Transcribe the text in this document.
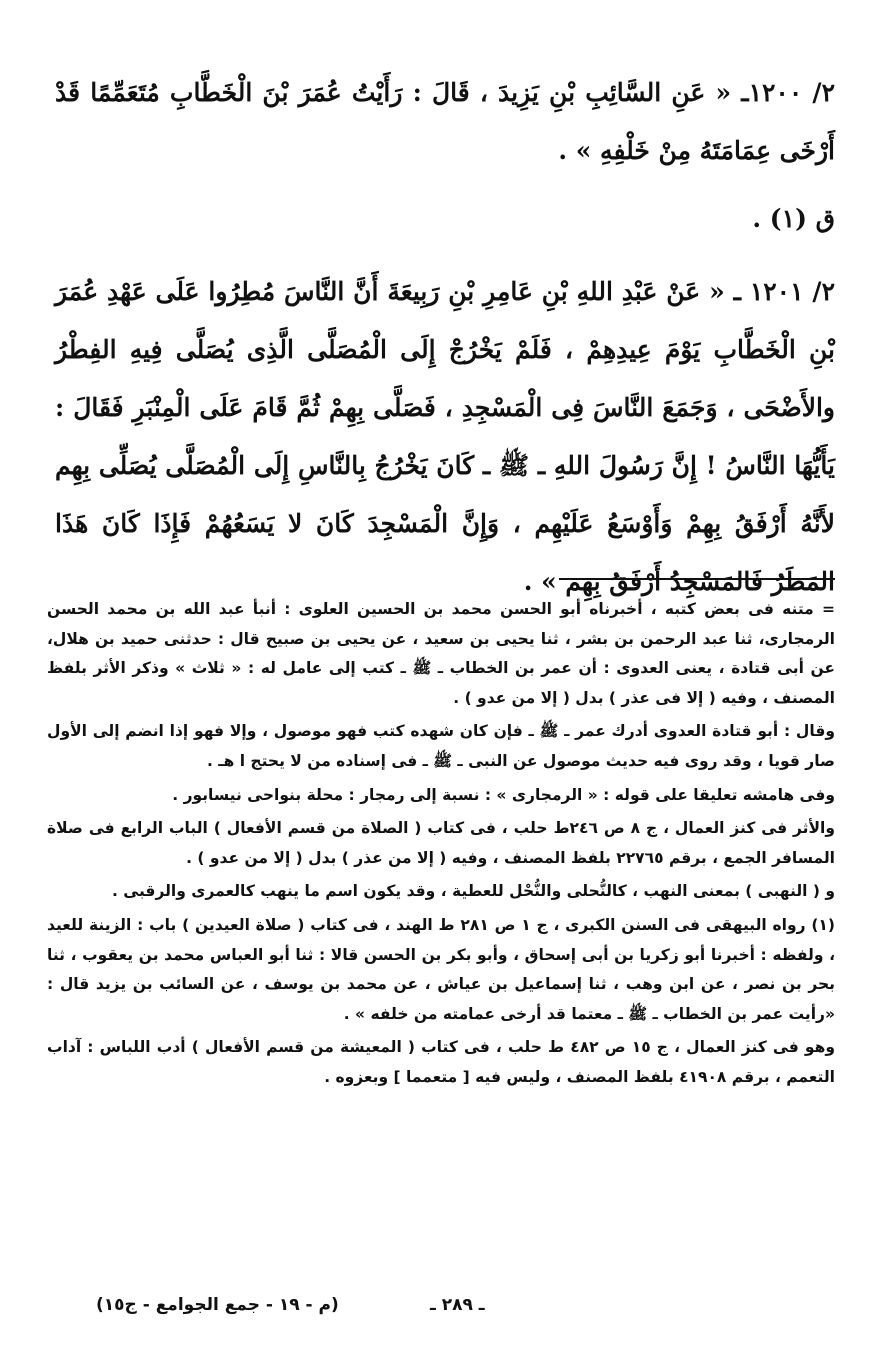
٢/ ١٢٠٠ـ « عَنِ السَّائِبِ بْنِ يَزِيدَ ، قَالَ : رَأَيْتُ عُمَرَ بْنَ الْخَطَّابِ مُتَعَمِّمًا قَدْ أَرْخَى عِمَامَتَهُ مِنْ خَلْفِهِ » .

ق (١) .

٢/ ١٢٠١ ـ « عَنْ عَبْدِ اللهِ بْنِ عَامِرِ بْنِ رَبِيعَةَ أَنَّ النَّاسَ مُطِرُوا عَلَى عَهْدِ عُمَرَ بْنِ الْخَطَّابِ يَوْمَ عِيدِهِمْ ، فَلَمْ يَخْرُجْ إِلَى الْمُصَلَّى الَّذِى يُصَلَّى فِيهِ الفِطْرُ والأَضْحَى ، وَجَمَعَ النَّاسَ فِى الْمَسْجِدِ ، فَصَلَّى بِهِمْ ثُمَّ قَامَ عَلَى الْمِنْبَرِ فَقَالَ : يَأَيُّهَا النَّاسُ ! إِنَّ رَسُولَ اللهِ ـ ﷺ ـ كَانَ يَخْرُجُ بِالنَّاسِ إِلَى الْمُصَلَّى يُصَلِّى بِهِم لأَنَّهُ أَرْفَقُ بِهِمْ وَأَوْسَعُ عَلَيْهِم ، وَإِنَّ الْمَسْجِدَ كَانَ لا يَسَعُهُمْ فَإِذَا كَانَ هَذَا المَطَرُ فَالمَسْجِدُ أَرْفَقُ بِهِم » .

= متنه فى بعض كتبه ، أخبرناه أبو الحسن محمد بن الحسين العلوى : أنبأ عبد الله بن محمد الحسن الرمجارى، ثنا عبد الرحمن بن بشر ، ثنا يحيى بن سعيد ، عن يحيى بن صبيح قال : حدثنى حميد بن هلال، عن أبى قتادة ، يعنى العدوى : أن عمر بن الخطاب ـ ﷺ ـ كتب إلى عامل له : « ثلاث » وذكر الأثر بلفظ المصنف ، وفيه ( إلا فى عذر ) بدل ( إلا من عدو ) .

وقال : أبو قتادة العدوى أدرك عمر ـ ﷺ ـ فإن كان شهده كتب فهو موصول ، وإلا فهو إذا انضم إلى الأول صار قويا ، وقد روى فيه حديث موصول عن النبى ـ ﷺ ـ فى إسناده من لا يحتج ا هـ .

وفى هامشه تعليقا على قوله : « الرمجارى » : نسبة إلى رمجار : محلة بنواحى نيسابور .

والأثر فى كنز العمال ، ج ٨ ص ٢٤٦ط حلب ، فى كتاب ( الصلاة من قسم الأفعال ) الباب الرابع فى صلاة المسافر الجمع ، برقم ٢٢٧٦٥ بلفظ المصنف ، وفيه ( إلا من عذر ) بدل ( إلا من عدو ) .

و ( النهبى ) بمعنى النهب ، كالنُّحلى والنُّحْل للعطية ، وقد يكون اسم ما ينهب كالعمرى والرقبى .

(١) رواه البيهقى فى السنن الكبرى ، ج ١ ص ٢٨١ ط الهند ، فى كتاب ( صلاة العيدين ) باب : الزينة للعيد ، ولفظه : أخبرنا أبو زكريا بن أبى إسحاق ، وأبو بكر بن الحسن قالا : ثنا أبو العباس محمد بن يعقوب ، ثنا بحر بن نصر ، عن ابن وهب ، ثنا إسماعيل بن عياش ، عن محمد بن يوسف ، عن السائب بن يزيد قال : «رأيت عمر بن الخطاب ـ ﷺ ـ معتما قد أرخى عمامته من خلفه » .

وهو فى كنز العمال ، ج ١٥ ص ٤٨٢ ط حلب ، فى كتاب ( المعيشة من قسم الأفعال ) أدب اللباس : آداب التعمم ، برقم ٤١٩٠٨ بلفظ المصنف ، وليس فيه [ متعمما ] وبعزوه .

ـ ٢٨٩ ـ
(م - ١٩ - جمع الجوامع - ج١٥)
